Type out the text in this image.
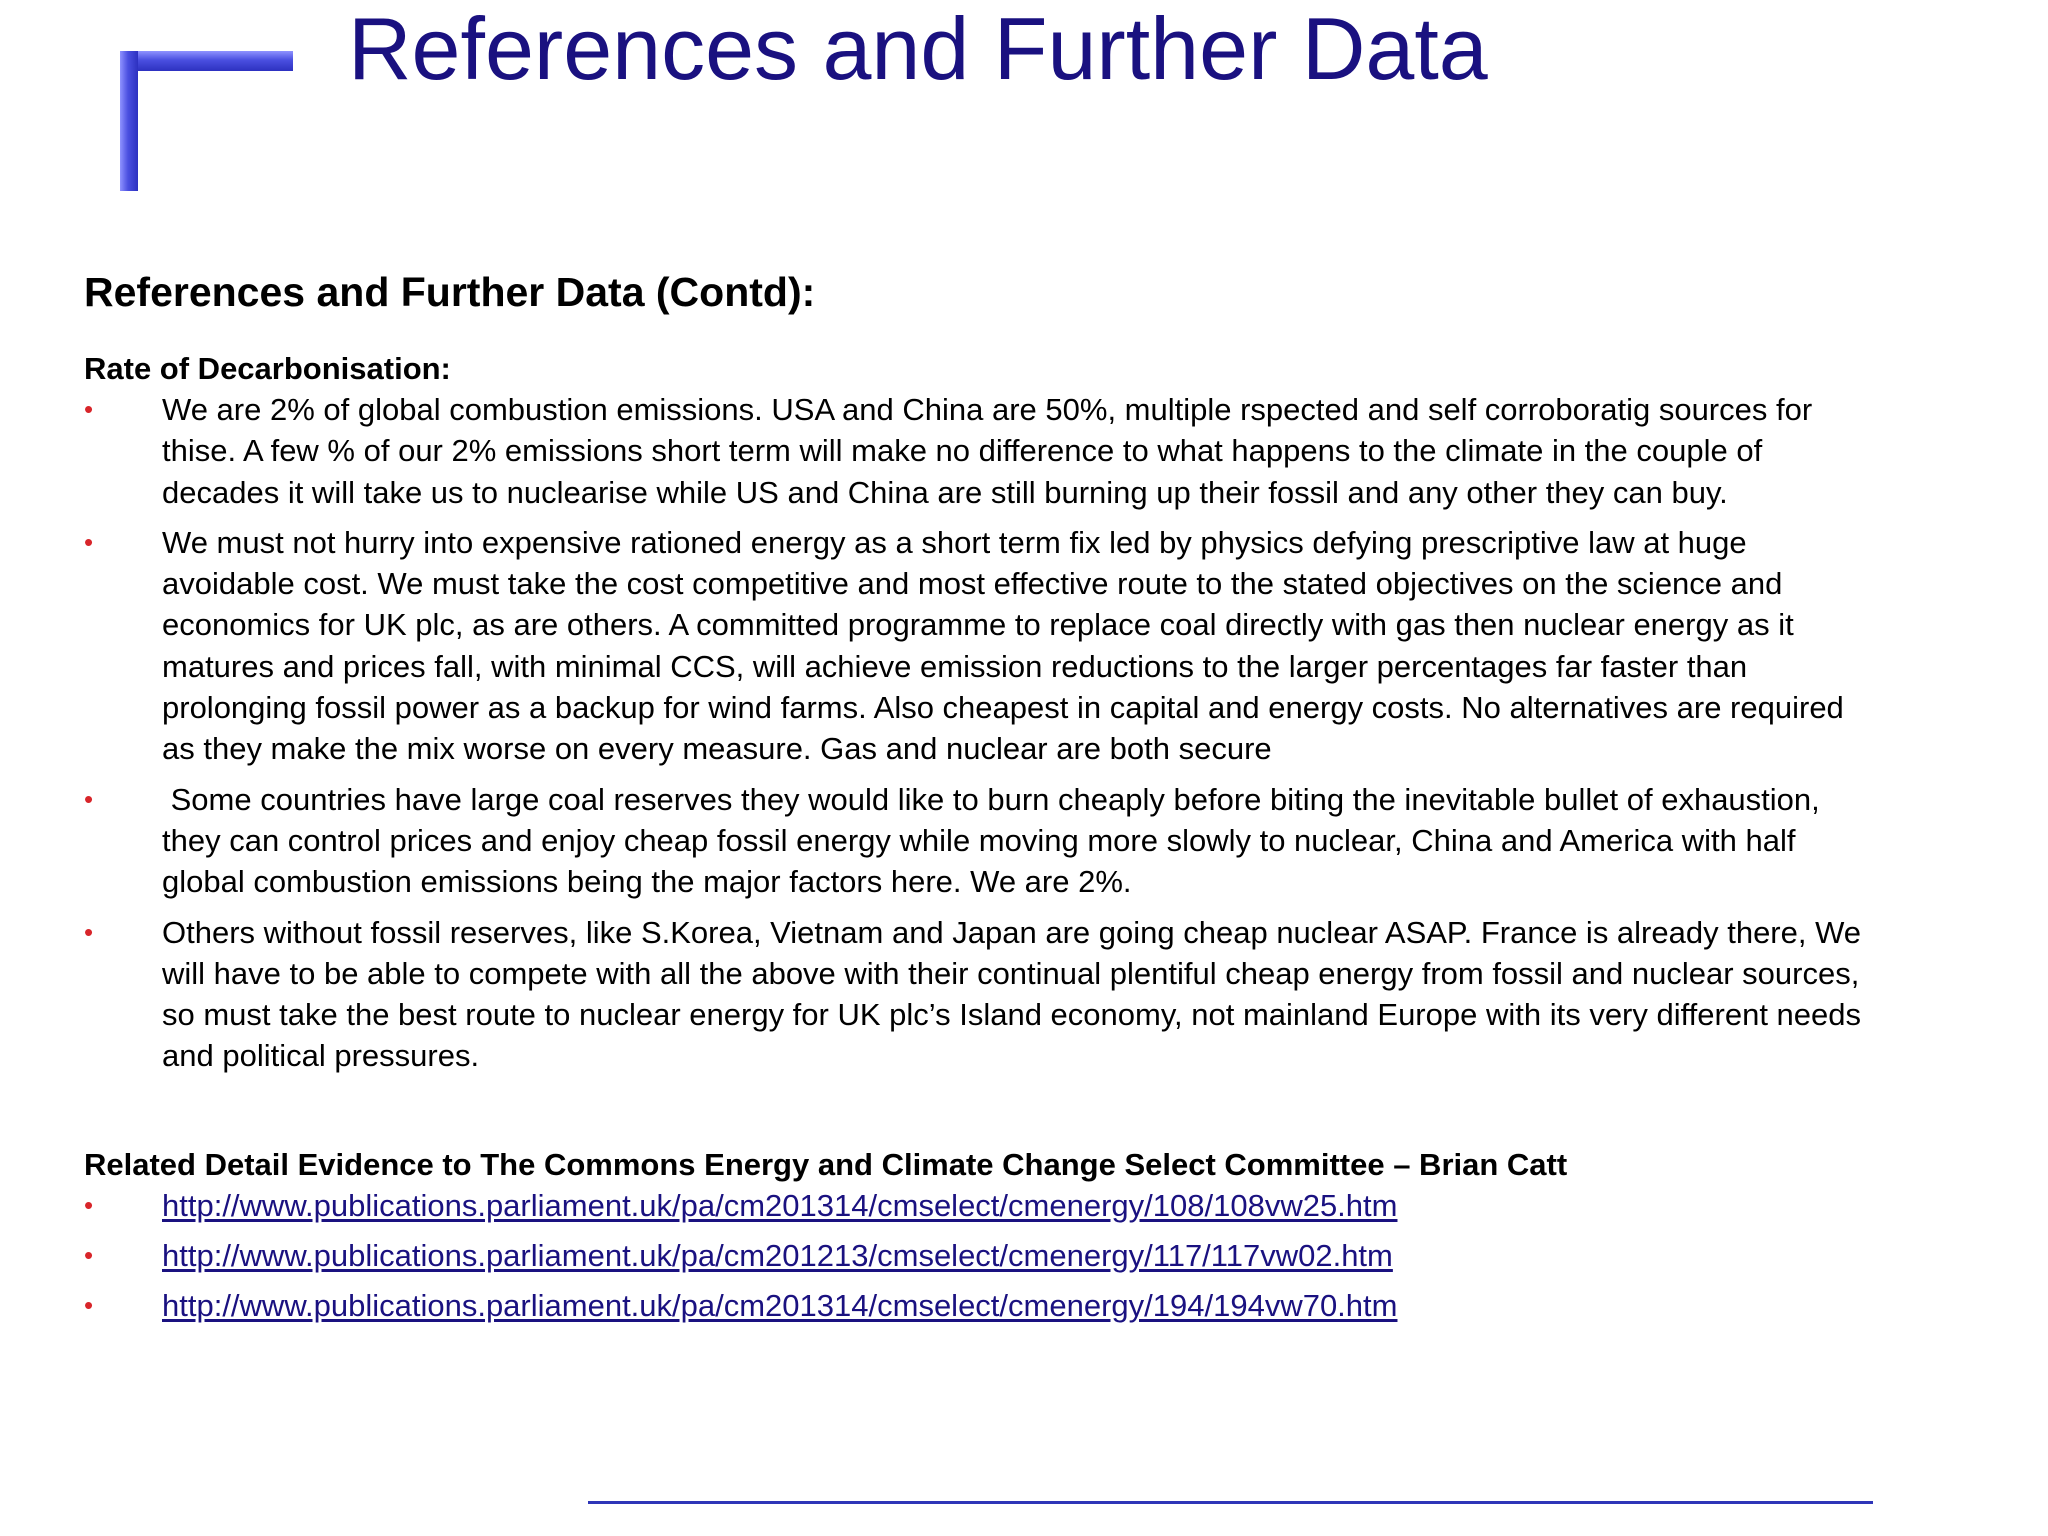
References and Further Data
References and Further Data (Contd):
Rate of Decarbonisation:
• We are 2% of global combustion emissions. USA and China are 50%, multiple rspected and self corroboratig sources for thise. A few % of our 2% emissions short term will make no difference to what happens to the climate in the couple of decades it will take us to nuclearise while US and China are still burning up their fossil and any other they can buy.
• We must not hurry into expensive rationed energy as a short term fix led by physics defying prescriptive law at huge avoidable cost. We must take the cost competitive and most effective route to the stated objectives on the science and economics for UK plc, as are others. A committed programme to replace coal directly with gas then nuclear energy as it matures and prices fall, with minimal CCS, will achieve emission reductions to the larger percentages far faster than prolonging fossil power as a backup for wind farms. Also cheapest in capital and energy costs. No alternatives are required as they make the mix worse on every measure. Gas and nuclear are both secure
• Some countries have large coal reserves they would like to burn cheaply before biting the inevitable bullet of exhaustion, they can control prices and enjoy cheap fossil energy while moving more slowly to nuclear, China and America with half global combustion emissions being the major factors here. We are 2%.
• Others without fossil reserves, like S.Korea, Vietnam and Japan are going cheap nuclear ASAP. France is already there, We will have to be able to compete with all the above with their continual plentiful cheap energy from fossil and nuclear sources, so must take the best route to nuclear energy for UK plc’s Island economy, not mainland Europe with its very different needs and political pressures.
Related Detail Evidence to The Commons Energy and Climate Change Select Committee – Brian Catt
• http://www.publications.parliament.uk/pa/cm201314/cmselect/cmenergy/108/108vw25.htm
• http://www.publications.parliament.uk/pa/cm201213/cmselect/cmenergy/117/117vw02.htm
• http://www.publications.parliament.uk/pa/cm201314/cmselect/cmenergy/194/194vw70.htm
